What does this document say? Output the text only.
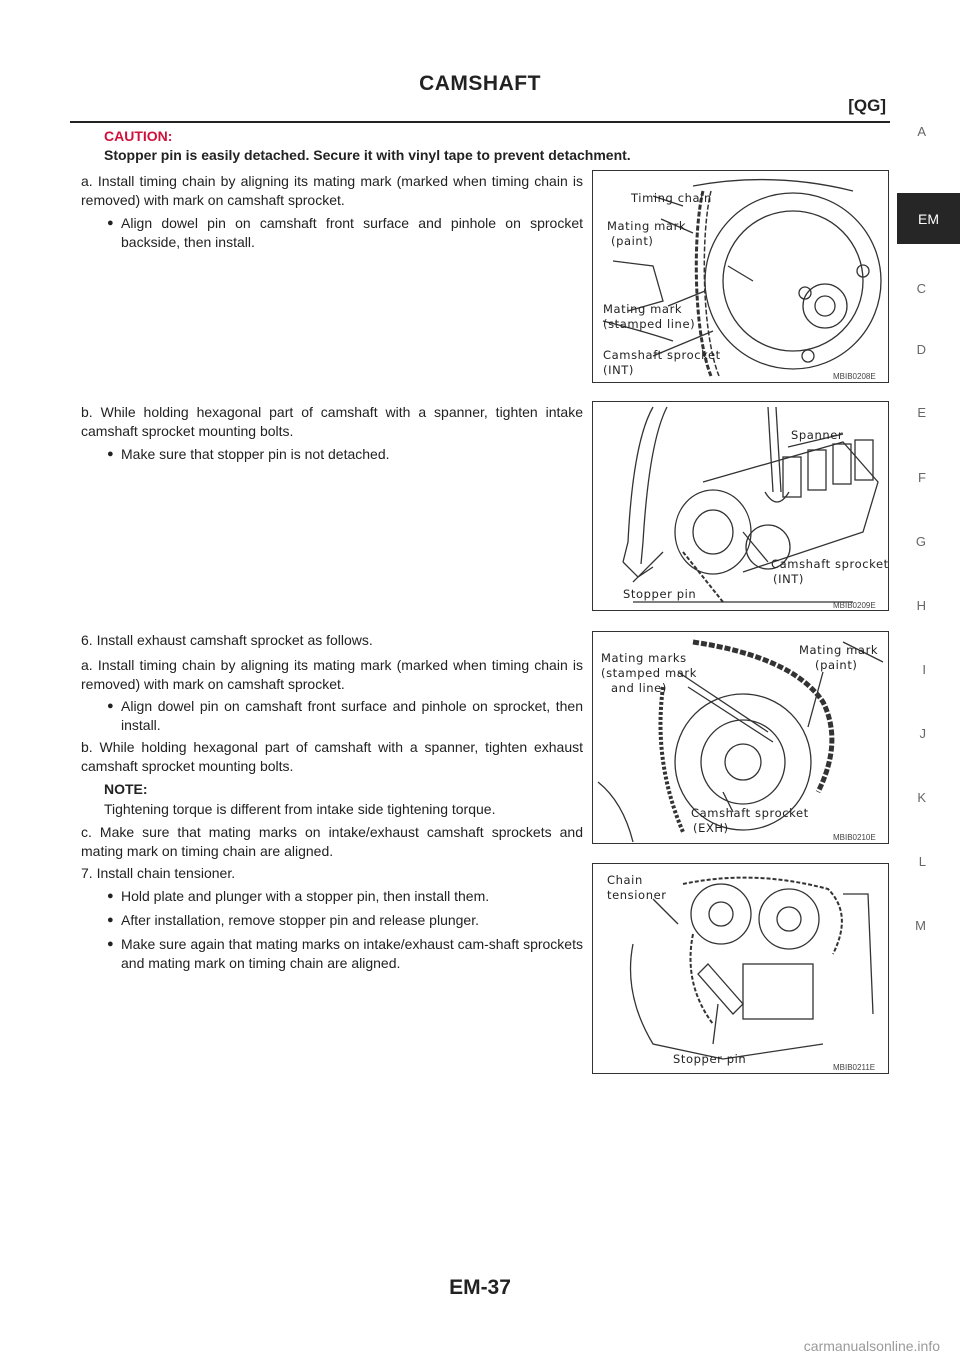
CAMSHAFT
[QG]
CAUTION:
Stopper pin is easily detached. Secure it with vinyl tape to prevent detachment.
a. Install timing chain by aligning its mating mark (marked when timing chain is removed) with mark on camshaft sprocket.
● Align dowel pin on camshaft front surface and pinhole on sprocket backside, then install.
b. While holding hexagonal part of camshaft with a spanner, tighten intake camshaft sprocket mounting bolts.
● Make sure that stopper pin is not detached.
6. Install exhaust camshaft sprocket as follows.
a. Install timing chain by aligning its mating mark (marked when timing chain is removed) with mark on camshaft sprocket.
● Align dowel pin on camshaft front surface and pinhole on sprocket, then install.
b. While holding hexagonal part of camshaft with a spanner, tighten exhaust camshaft sprocket mounting bolts.
NOTE:
Tightening torque is different from intake side tightening torque.
c. Make sure that mating marks on intake/exhaust camshaft sprockets and mating mark on timing chain are aligned.
7. Install chain tensioner.
● Hold plate and plunger with a stopper pin, then install them.
● After installation, remove stopper pin and release plunger.
● Make sure again that mating marks on intake/exhaust cam-shaft sprockets and mating mark on timing chain are aligned.
Timing chain
Mating mark
(paint)
Mating mark
(stamped line)
Camshaft sprocket
(INT)	MBIB0208E
Spanner
Camshaft sprocket
(INT)
Stopper pin
MBIB0209E
Mating marks
(stamped mark
and line)
Mating mark
(paint)
Camshaft sprocket
(EXH)
MBIB0210E
Chain
tensioner
Stopper pin
MBIB0211E
A
EM
C
D
E
F
G
H
I
J
K
L
M
EM-37
carmanualsonline.info
